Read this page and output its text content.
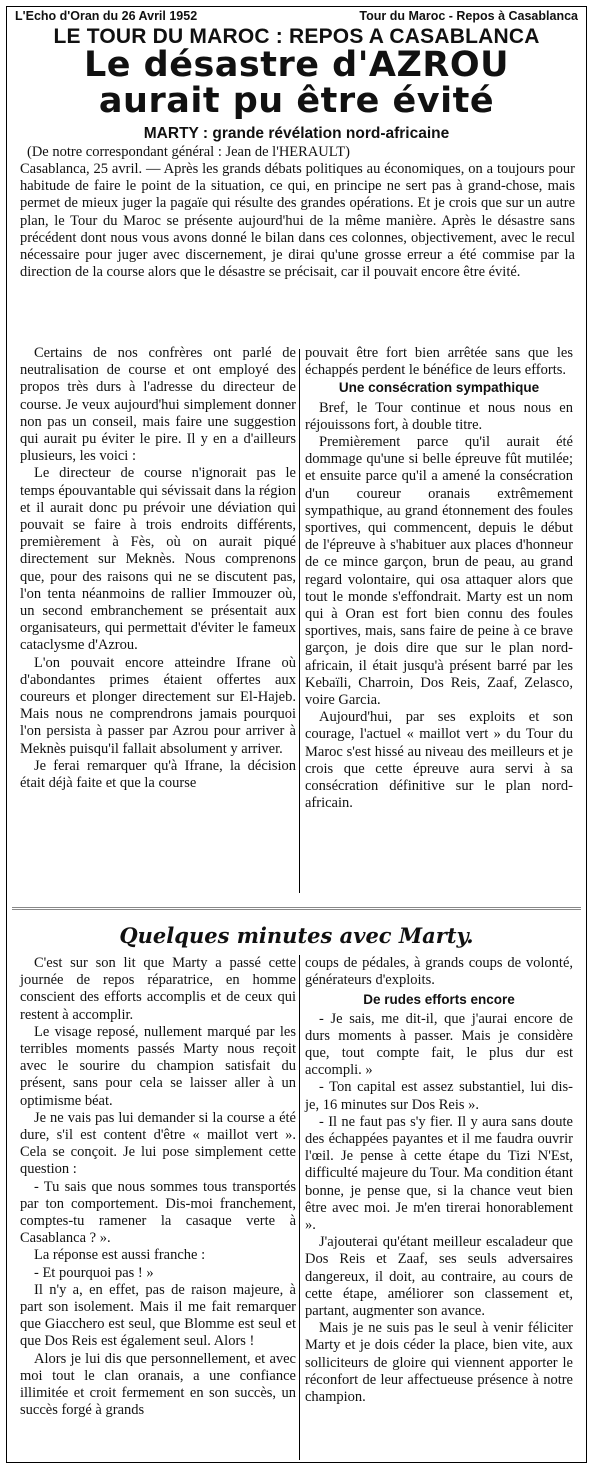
L'Echo d'Oran du 26 Avril 1952	Tour du Maroc - Repos à Casablanca
LE TOUR DU MAROC : REPOS A CASABLANCA
Le désastre d'AZROU
aurait pu être évité
MARTY : grande révélation nord-africaine
(De notre correspondant général : Jean de l'HERAULT)

Casablanca, 25 avril. — Après les grands débats politiques au économiques, on a toujours pour habitude de faire le point de la situation, ce qui, en principe ne sert pas à grand-chose, mais permet de mieux juger la pagaïe qui résulte des grandes opérations. Et je crois que sur un autre plan, le Tour du Maroc se présente aujourd'hui de la même manière. Après le désastre sans précédent dont nous vous avons donné le bilan dans ces colonnes, objectivement, avec le recul nécessaire pour juger avec discernement, je dirai qu'une grosse erreur a été commise par la direction de la course alors que le désastre se précisait, car il pouvait encore être évité.

Certains de nos confrères ont parlé de neutralisation de course et ont employé des propos très durs à l'adresse du directeur de course. Je veux aujourd'hui simplement donner non pas un conseil, mais faire une suggestion qui aurait pu éviter le pire. Il y en a d'ailleurs plusieurs, les voici :

Le directeur de course n'ignorait pas le temps épouvantable qui sévissait dans la région et il aurait donc pu prévoir une déviation qui pouvait se faire à trois endroits différents, premièrement à Fès, où on aurait piqué directement sur Meknès. Nous comprenons que, pour des raisons qui ne se discutent pas, l'on tenta néanmoins de rallier Immouzer où, un second embranchement se présentait aux organisateurs, qui permettait d'éviter le fameux cataclysme d'Azrou.

L'on pouvait encore atteindre Ifrane où d'abondantes primes étaient offertes aux coureurs et plonger directement sur El-Hajeb. Mais nous ne comprendrons jamais pourquoi l'on persista à passer par Azrou pour arriver à Meknès puisqu'il fallait absolument y arriver.

Je ferai remarquer qu'à Ifrane, la décision était déjà faite et que la course

pouvait être fort bien arrêtée sans que les échappés perdent le bénéfice de leurs efforts.

Une consécration sympathique

Bref, le Tour continue et nous nous en réjouissons fort, à double titre.

Premièrement parce qu'il aurait été dommage qu'une si belle épreuve fût mutilée; et ensuite parce qu'il a amené la consécration d'un coureur oranais extrêmement sympathique, au grand étonnement des foules sportives, qui commencent, depuis le début de l'épreuve à s'habituer aux places d'honneur de ce mince garçon, brun de peau, au grand regard volontaire, qui osa attaquer alors que tout le monde s'effondrait. Marty est un nom qui à Oran est fort bien connu des foules sportives, mais, sans faire de peine à ce brave garçon, je dois dire que sur le plan nord-africain, il était jusqu'à présent barré par les Kebaïli, Charroin, Dos Reis, Zaaf, Zelasco, voire Garcia.

Aujourd'hui, par ses exploits et son courage, l'actuel « maillot vert » du Tour du Maroc s'est hissé au niveau des meilleurs et je crois que cette épreuve aura servi à sa consécration définitive sur le plan nord-africain.

Quelques minutes avec Marty.

C'est sur son lit que Marty a passé cette journée de repos réparatrice, en homme conscient des efforts accomplis et de ceux qui restent à accomplir.

Le visage reposé, nullement marqué par les terribles moments passés Marty nous reçoit avec le sourire du champion satisfait du présent, sans pour cela se laisser aller à un optimisme béat.

Je ne vais pas lui demander si la course a été dure, s'il est content d'être « maillot vert ». Cela se conçoit. Je lui pose simplement cette question :

- Tu sais que nous sommes tous transportés par ton comportement. Dis-moi franchement, comptes-tu ramener la casaque verte à Casablanca ? ».

La réponse est aussi franche :

- Et pourquoi pas ! »

Il n'y a, en effet, pas de raison majeure, à part son isolement. Mais il me fait remarquer que Giacchero est seul, que Blomme est seul et que Dos Reis est également seul. Alors !

Alors je lui dis que personnellement, et avec moi tout le clan oranais, a une confiance illimitée et croit fermement en son succès, un succès forgé à grands

coups de pédales, à grands coups de volonté, générateurs d'exploits.

De rudes efforts encore

- Je sais, me dit-il, que j'aurai encore de durs moments à passer. Mais je considère que, tout compte fait, le plus dur est accompli. »

- Ton capital est assez substantiel, lui dis-je, 16 minutes sur Dos Reis ».

- Il ne faut pas s'y fier. Il y aura sans doute des échappées payantes et il me faudra ouvrir l'œil. Je pense à cette étape du Tizi N'Est, difficulté majeure du Tour. Ma condition étant bonne, je pense que, si la chance veut bien être avec moi. Je m'en tirerai honorablement ».

J'ajouterai qu'étant meilleur escaladeur que Dos Reis et Zaaf, ses seuls adversaires dangereux, il doit, au contraire, au cours de cette étape, améliorer son classement et, partant, augmenter son avance.

Mais je ne suis pas le seul à venir féliciter Marty et je dois céder la place, bien vite, aux solliciteurs de gloire qui viennent apporter le réconfort de leur affectueuse présence à notre champion.
